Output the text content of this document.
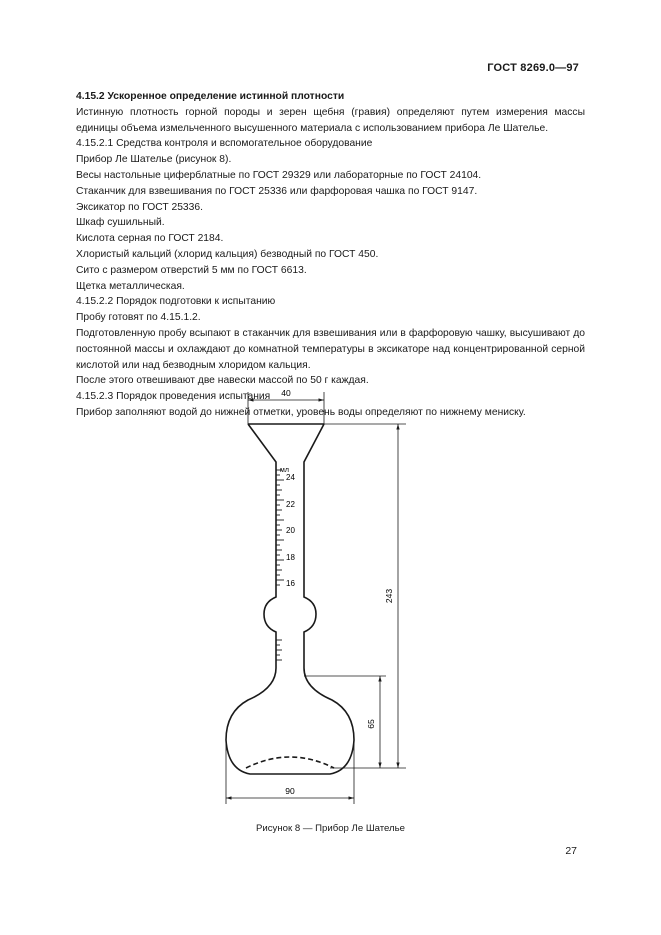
ГОСТ 8269.0—97

4.15.2 Ускоренное определение истинной плотности

Истинную плотность горной породы и зерен щебня (гравия) определяют путем измерения массы единицы объема измельченного высушенного материала с использованием прибора Ле Шателье.

4.15.2.1 Средства контроля и вспомогательное оборудование

Прибор Ле Шателье (рисунок 8).

Весы настольные циферблатные по ГОСТ 29329 или лабораторные по ГОСТ 24104.

Стаканчик для взвешивания по ГОСТ 25336 или фарфоровая чашка по ГОСТ 9147.

Эксикатор по ГОСТ 25336.

Шкаф сушильный.

Кислота серная по ГОСТ 2184.

Хлористый кальций (хлорид кальция) безводный по ГОСТ 450.

Сито с размером отверстий 5 мм по ГОСТ 6613.

Щетка металлическая.

4.15.2.2 Порядок подготовки к испытанию

Пробу готовят по 4.15.1.2.

Подготовленную пробу всыпают в стаканчик для взвешивания или в фарфоровую чашку, высушивают до постоянной массы и охлаждают до комнатной температуры в эксикаторе над концентрированной серной кислотой или над безводным хлоридом кальция.

После этого отвешивают две навески массой по 50 г каждая.

4.15.2.3 Порядок проведения испытания

Прибор заполняют водой до нижней отметки, уровень воды определяют по нижнему мениску.

мл
24
22
20
18
16
40
243
65
90
Рисунок 8 — Прибор Ле Шателье
27
